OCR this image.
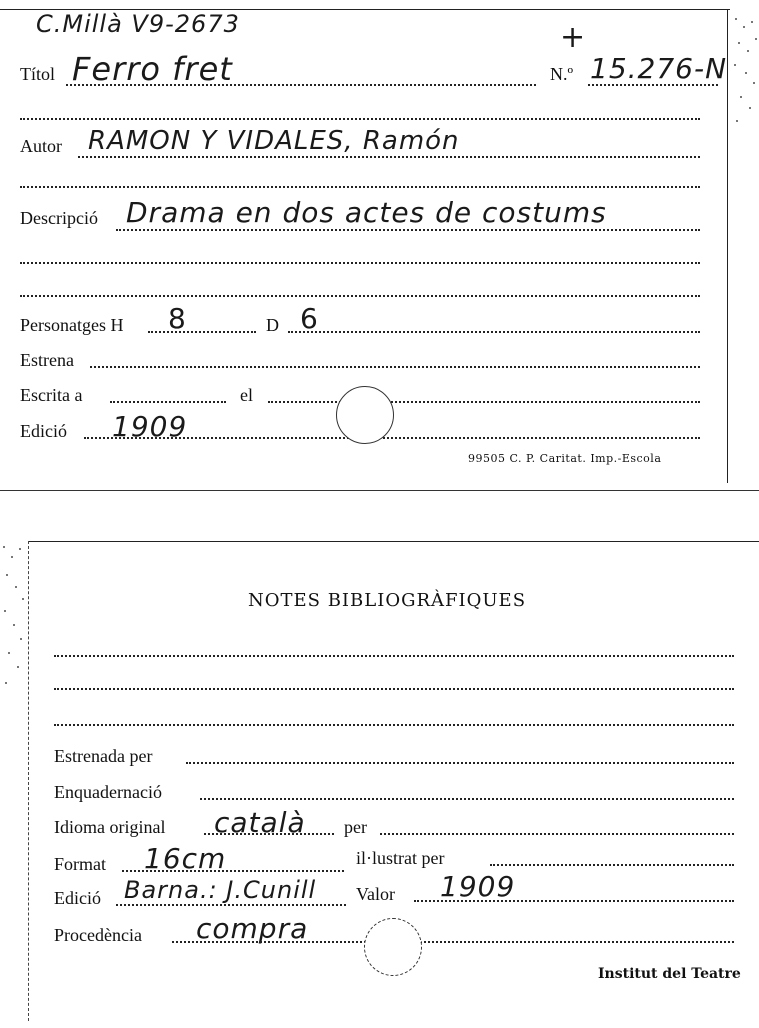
C.Millà V9-2673
Títol Ferro fret
+
N.º 15.276-N
Autor RAMON Y VIDALES, Ramón
Descripció Drama en dos actes de costums
Personatges H 8	D 6
Estrena
Escrita a	el
Edició 1909
99505 C. P. Caritat. Imp.-Escola
NOTES BIBLIOGRÀFIQUES
Estrenada per
Enquadernació
Idioma original català per
Format 16cm	il·lustrat per
Edició Barna.: J.Cunill Valor 1909
Procedència compra
Institut del Teatre
